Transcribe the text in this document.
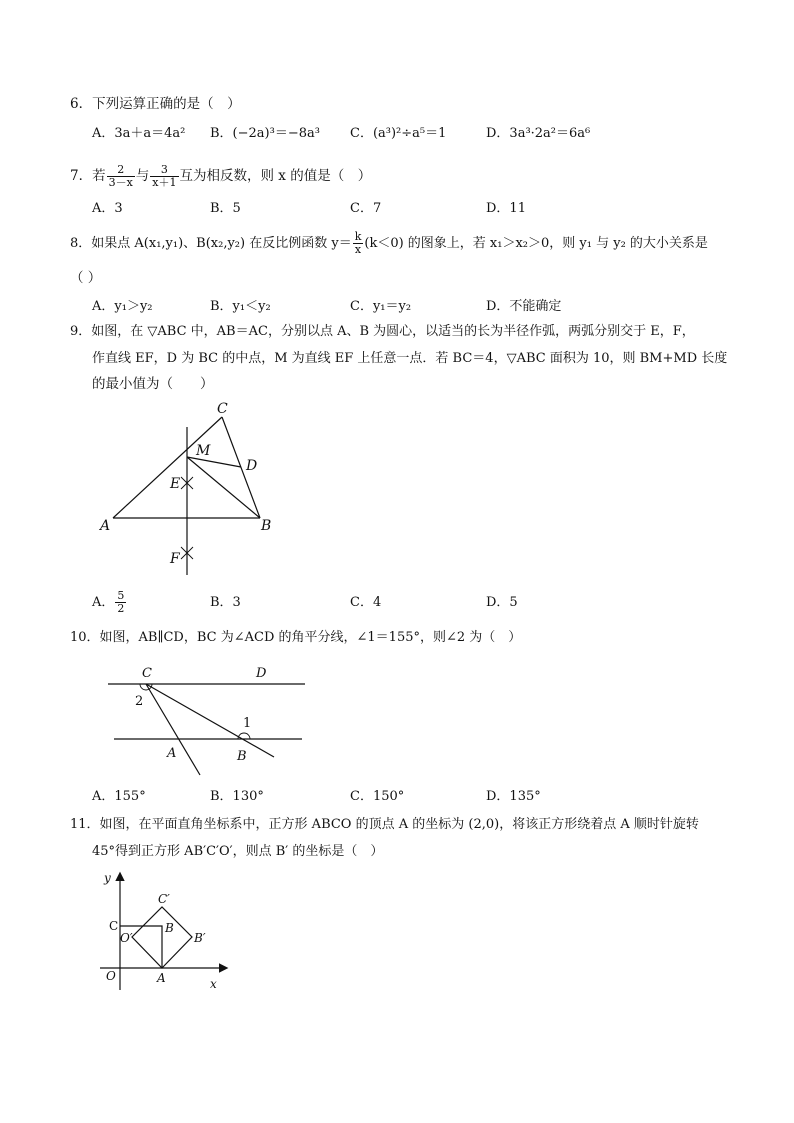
6．下列运算正确的是（　）
A．3a＋a＝4a² B．(−2a)³＝−8a³ C．(a³)²÷a⁵＝1	D．3a³·2a²＝6a⁶
7．若 $\frac{2}{3-x}$ 与 $\frac{3}{x+1}$ 互为相反数，则 x 的值是（　）
A．3	B．5	C．7	D．11
8．如果点 A(x₁,y₁)、B(x₂,y₂) 在反比例函数 $y= \frac{k}{x} (k<0)$ 的图象上，若 x₁＞x₂＞0，则 y₁ 与 y₂ 的大小关系是
（ ）
A．y₁＞y₂	B．y₁＜y₂	C．y₁＝y₂	D．不能确定
9．如图，在 ▽ABC 中，AB＝AC，分别以点 A、B 为圆心，以适当的长为半径作弧，两弧分别交于 E，F，
作直线 EF，D 为 BC 的中点，M 为直线 EF 上任意一点．若 BC＝4，▽ABC 面积为 10，则 BM+MD 长度
的最小值为（　　）
C
M
D
E
A	B
F
A． $\frac{5}{2}$	B．3	C．4	D．5
10．如图，AB∥CD，BC 为∠ACD 的角平分线，∠1＝155°，则∠2 为（　）
C	D
2
1
A	B
A．155°	B．130°	C．150°	D．135°
11．如图，在平面直角坐标系中，正方形 ABCO 的顶点 A 的坐标为 (2,0)，将该正方形绕着点 A 顺时针旋转
45°得到正方形 AB′C′O′，则点 B′ 的坐标是（　）
y
x
O	A
B
C
C′
O′	B′
